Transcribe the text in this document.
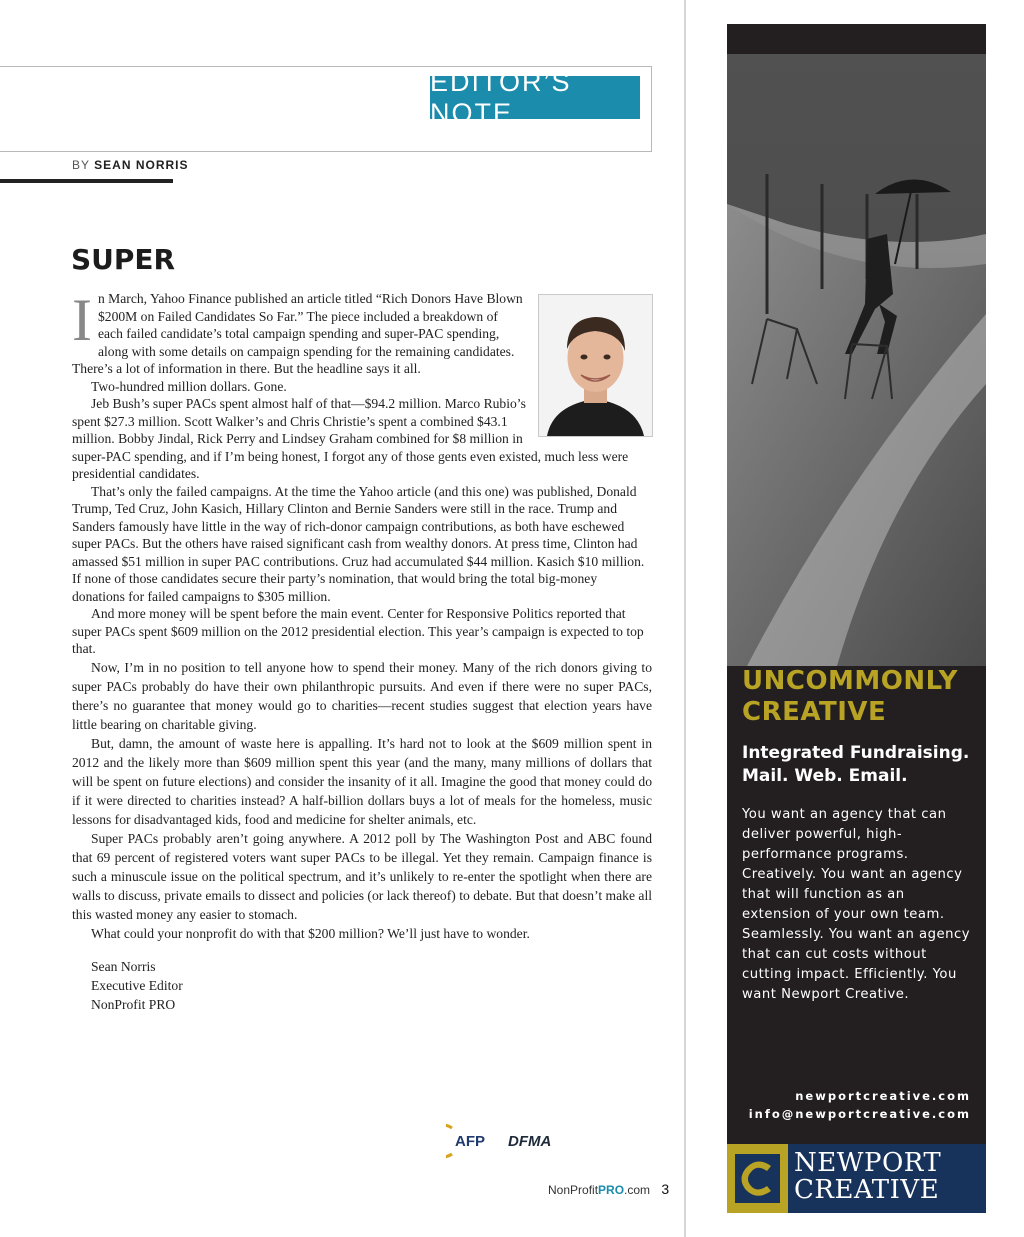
EDITOR’S NOTE
BY SEAN NORRIS
SUPER

In March, Yahoo Finance published an article titled “Rich Donors Have Blown $200M on Failed Candidates So Far.” The piece included a breakdown of each failed candidate’s total campaign spending and super-PAC spending, along with some details on campaign spending for the remaining candidates. There’s a lot of information in there. But the headline says it all.

Two-hundred million dollars. Gone.

Jeb Bush’s super PACs spent almost half of that—$94.2 million. Marco Rubio’s spent $27.3 million. Scott Walker’s and Chris Christie’s spent a combined $43.1 million. Bobby Jindal, Rick Perry and Lindsey Graham combined for $8 million in super-PAC spending, and if I’m being honest, I forgot any of those gents even existed, much less were presidential candidates.

That’s only the failed campaigns. At the time the Yahoo article (and this one) was published, Donald Trump, Ted Cruz, John Kasich, Hillary Clinton and Bernie Sanders were still in the race. Trump and Sanders famously have little in the way of rich-donor campaign contributions, as both have eschewed super PACs. But the others have raised significant cash from wealthy donors. At press time, Clinton had amassed $51 million in super PAC contributions. Cruz had accumulated $44 million. Kasich $10 million. If none of those candidates secure their party’s nomination, that would bring the total big-money donations for failed campaigns to $305 million.

And more money will be spent before the main event. Center for Responsive Politics reported that super PACs spent $609 million on the 2012 presidential election. This year’s campaign is expected to top that.

Now, I’m in no position to tell anyone how to spend their money. Many of the rich donors giving to super PACs probably do have their own philanthropic pursuits. And even if there were no super PACs, there’s no guarantee that money would go to charities—recent studies suggest that election years have little bearing on charitable giving.

But, damn, the amount of waste here is appalling. It’s hard not to look at the $609 million spent in 2012 and the likely more than $609 million spent this year (and the many, many millions of dollars that will be spent on future elections) and consider the insanity of it all. Imagine the good that money could do if it were directed to charities instead? A half-billion dollars buys a lot of meals for the homeless, music lessons for disadvantaged kids, food and medicine for shelter animals, etc.

Super PACs probably aren’t going anywhere. A 2012 poll by The Washington Post and ABC found that 69 percent of registered voters want super PACs to be illegal. Yet they remain. Campaign finance is such a minuscule issue on the political spectrum, and it’s unlikely to re-enter the spotlight when there are walls to discuss, private emails to dissect and policies (or lack thereof) to debate. But that doesn’t make all this wasted money any easier to stomach.

What could your nonprofit do with that $200 million? We’ll just have to wonder.

Sean Norris
Executive Editor
NonProfit PRO
AFP DFMA
NonProfitPRO.com 3
UNCOMMONLY
CREATIVE
Integrated Fundraising.
Mail. Web. Email.
You want an agency that can deliver powerful, high-performance programs. Creatively. You want an agency that will function as an extension of your own team. Seamlessly. You want an agency that can cut costs without cutting impact. Efficiently. You want Newport Creative.
newportcreative.com
info@newportcreative.com
NEWPORT
CREATIVE
